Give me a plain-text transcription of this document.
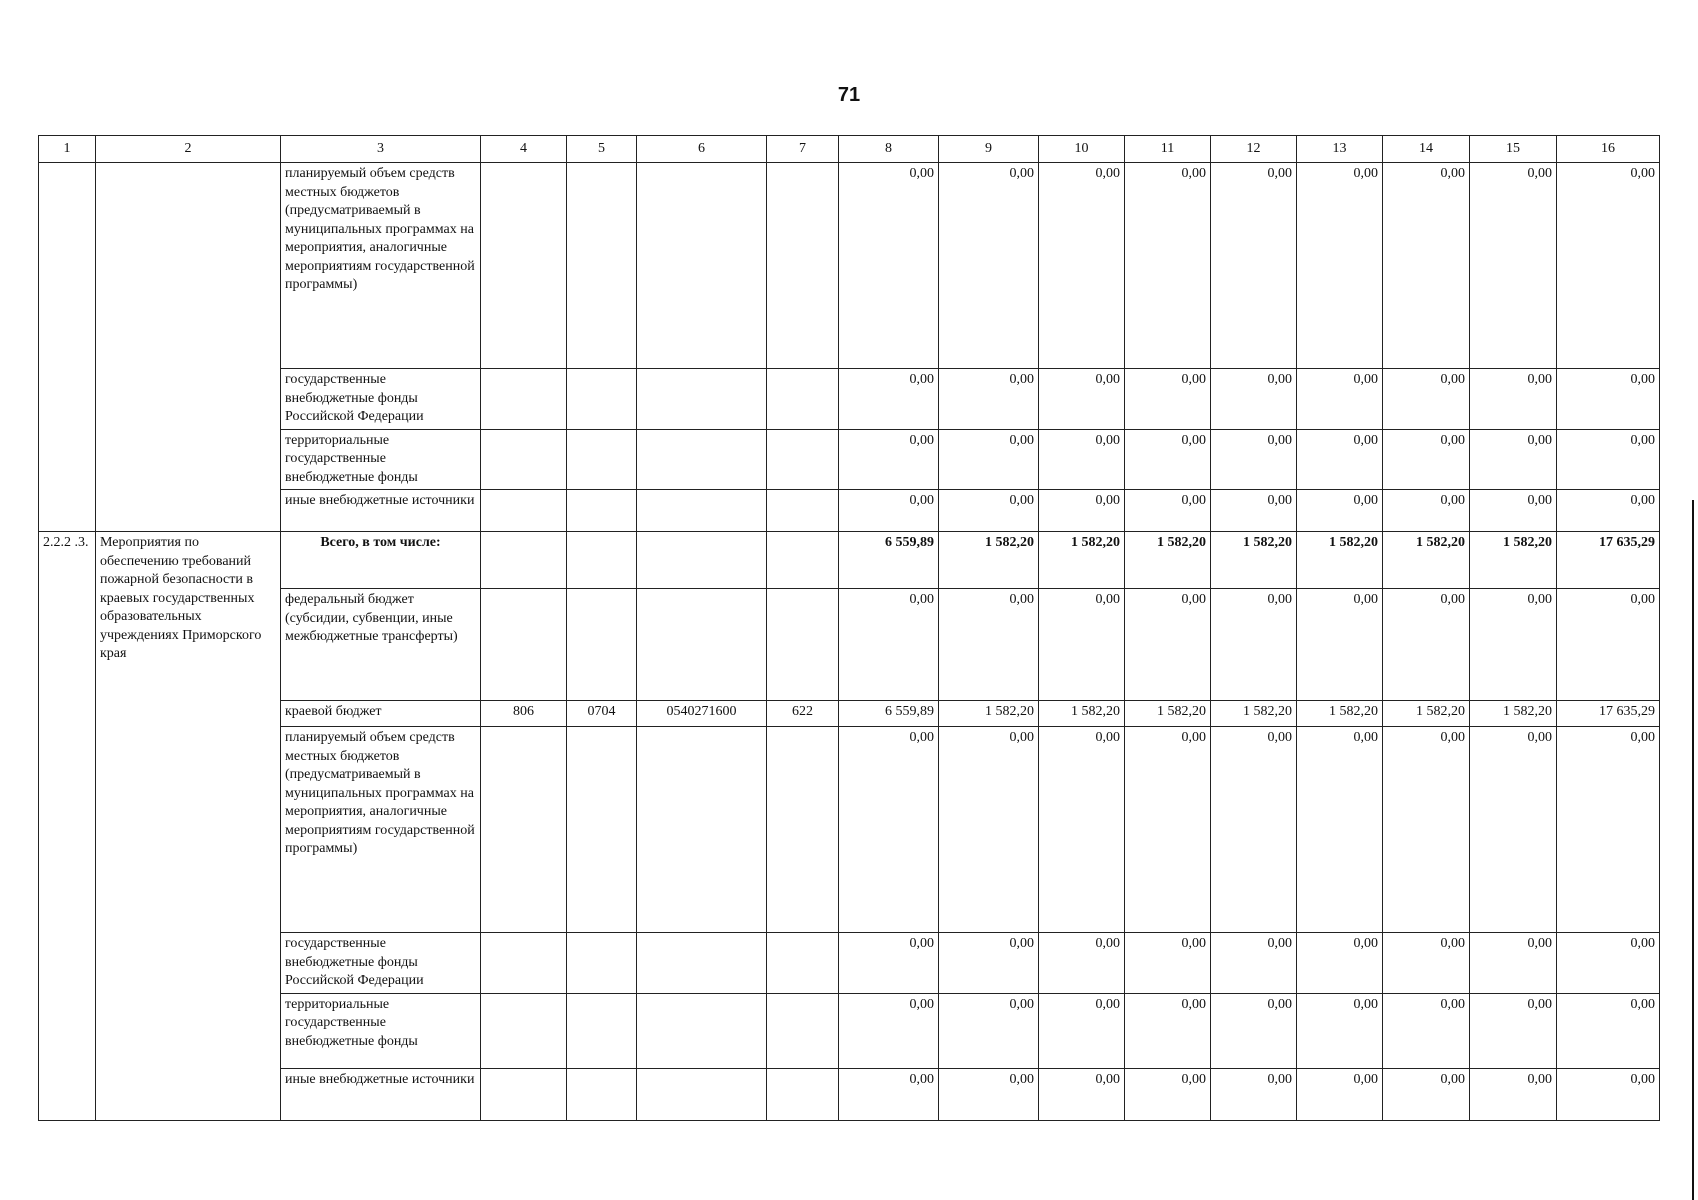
71
1	2	3	4	5	6	7	8	9	10	11	12	13	14	15	16
		планируемый объем средств местных бюджетов (предусматриваемый в муниципальных программах на мероприятия, аналогичные мероприятиям государственной программы)					0,00	0,00	0,00	0,00	0,00	0,00	0,00	0,00	0,00
		государственные внебюджетные фонды Российской Федерации					0,00	0,00	0,00	0,00	0,00	0,00	0,00	0,00	0,00
		территориальные государственные внебюджетные фонды					0,00	0,00	0,00	0,00	0,00	0,00	0,00	0,00	0,00
		иные внебюджетные источники					0,00	0,00	0,00	0,00	0,00	0,00	0,00	0,00	0,00
2.2.2 .3.	Мероприятия по обеспечению требований пожарной безопасности в краевых государственных образовательных учреждениях Приморского края	Всего, в том числе:					6 559,89	1 582,20	1 582,20	1 582,20	1 582,20	1 582,20	1 582,20	1 582,20	17 635,29
		федеральный бюджет (субсидии, субвенции, иные межбюджетные трансферты)					0,00	0,00	0,00	0,00	0,00	0,00	0,00	0,00	0,00
		краевой бюджет	806	0704	0540271600	622	6 559,89	1 582,20	1 582,20	1 582,20	1 582,20	1 582,20	1 582,20	1 582,20	17 635,29
		планируемый объем средств местных бюджетов (предусматриваемый в муниципальных программах на мероприятия, аналогичные мероприятиям государственной программы)					0,00	0,00	0,00	0,00	0,00	0,00	0,00	0,00	0,00
		государственные внебюджетные фонды Российской Федерации					0,00	0,00	0,00	0,00	0,00	0,00	0,00	0,00	0,00
		территориальные государственные внебюджетные фонды					0,00	0,00	0,00	0,00	0,00	0,00	0,00	0,00	0,00
		иные внебюджетные источники					0,00	0,00	0,00	0,00	0,00	0,00	0,00	0,00	0,00
